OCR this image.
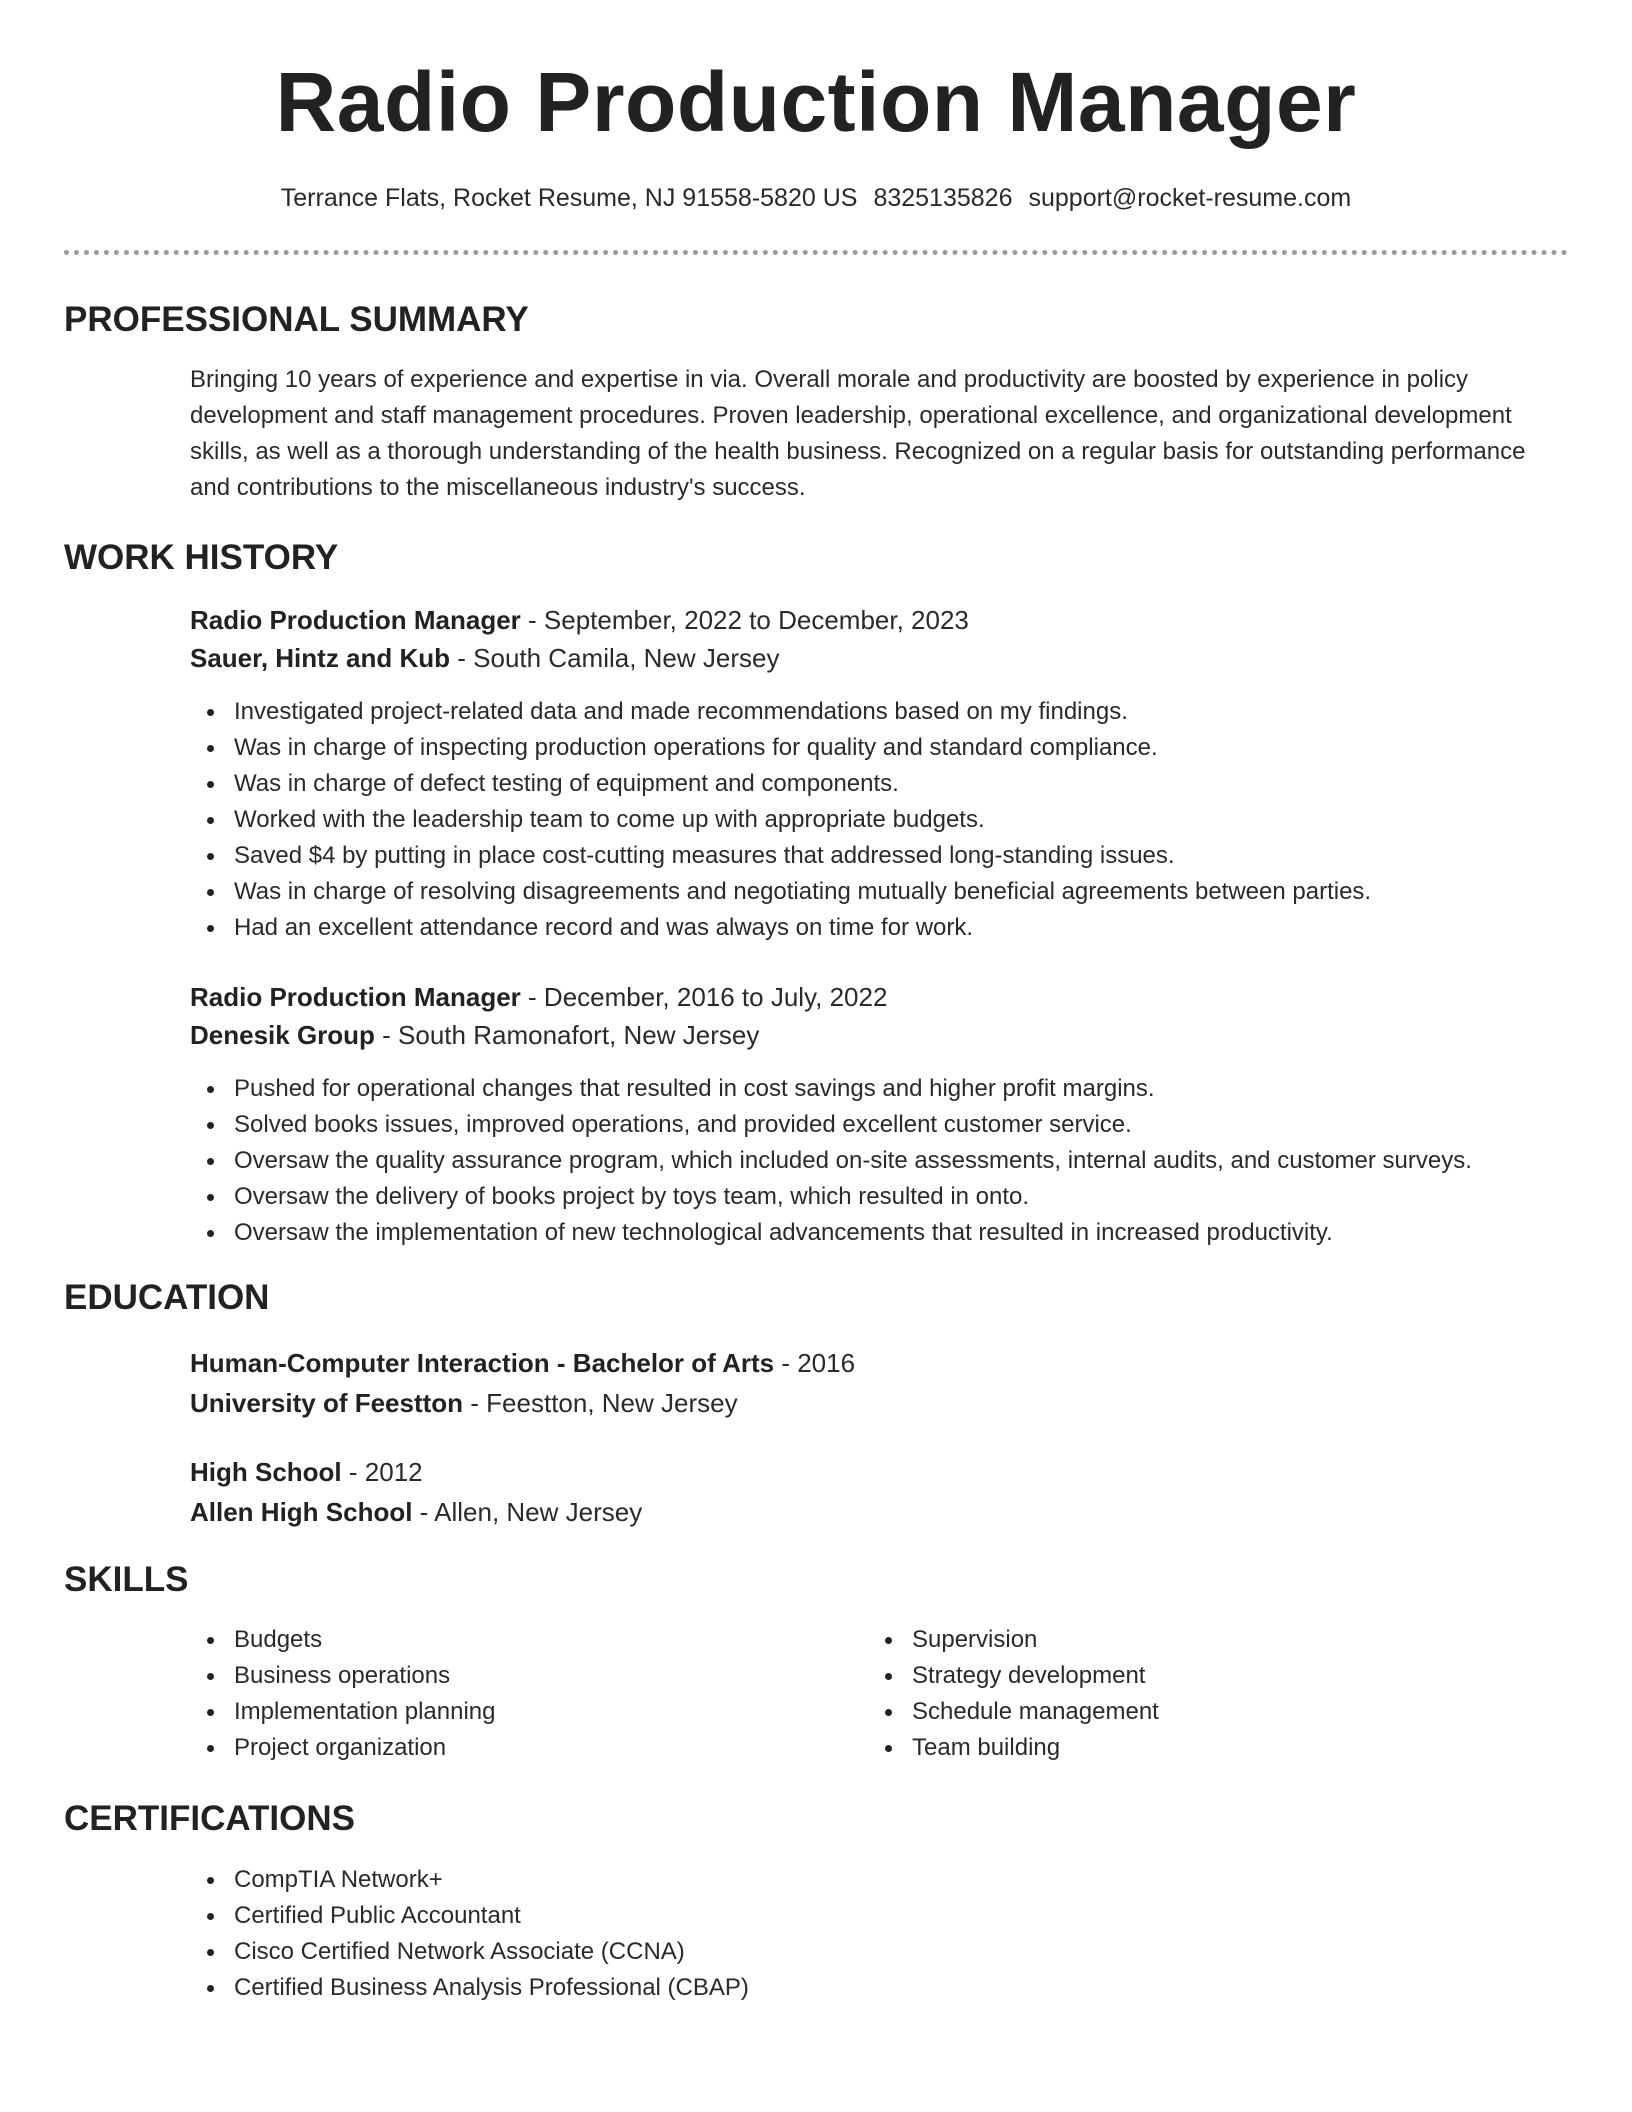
Radio Production Manager
Terrance Flats, Rocket Resume, NJ 91558-5820 US 8325135826 support@rocket-resume.com
PROFESSIONAL SUMMARY
Bringing 10 years of experience and expertise in via. Overall morale and productivity are boosted by experience in policy development and staff management procedures. Proven leadership, operational excellence, and organizational development skills, as well as a thorough understanding of the health business. Recognized on a regular basis for outstanding performance and contributions to the miscellaneous industry's success.
WORK HISTORY
Radio Production Manager - September, 2022 to December, 2023
Sauer, Hintz and Kub - South Camila, New Jersey
Investigated project-related data and made recommendations based on my findings.
Was in charge of inspecting production operations for quality and standard compliance.
Was in charge of defect testing of equipment and components.
Worked with the leadership team to come up with appropriate budgets.
Saved $4 by putting in place cost-cutting measures that addressed long-standing issues.
Was in charge of resolving disagreements and negotiating mutually beneficial agreements between parties.
Had an excellent attendance record and was always on time for work.
Radio Production Manager - December, 2016 to July, 2022
Denesik Group - South Ramonafort, New Jersey
Pushed for operational changes that resulted in cost savings and higher profit margins.
Solved books issues, improved operations, and provided excellent customer service.
Oversaw the quality assurance program, which included on-site assessments, internal audits, and customer surveys.
Oversaw the delivery of books project by toys team, which resulted in onto.
Oversaw the implementation of new technological advancements that resulted in increased productivity.
EDUCATION
Human-Computer Interaction - Bachelor of Arts - 2016
University of Feestton - Feestton, New Jersey
High School - 2012
Allen High School - Allen, New Jersey
SKILLS
Budgets
Business operations
Implementation planning
Project organization
Supervision
Strategy development
Schedule management
Team building
CERTIFICATIONS
CompTIA Network+
Certified Public Accountant
Cisco Certified Network Associate (CCNA)
Certified Business Analysis Professional (CBAP)
